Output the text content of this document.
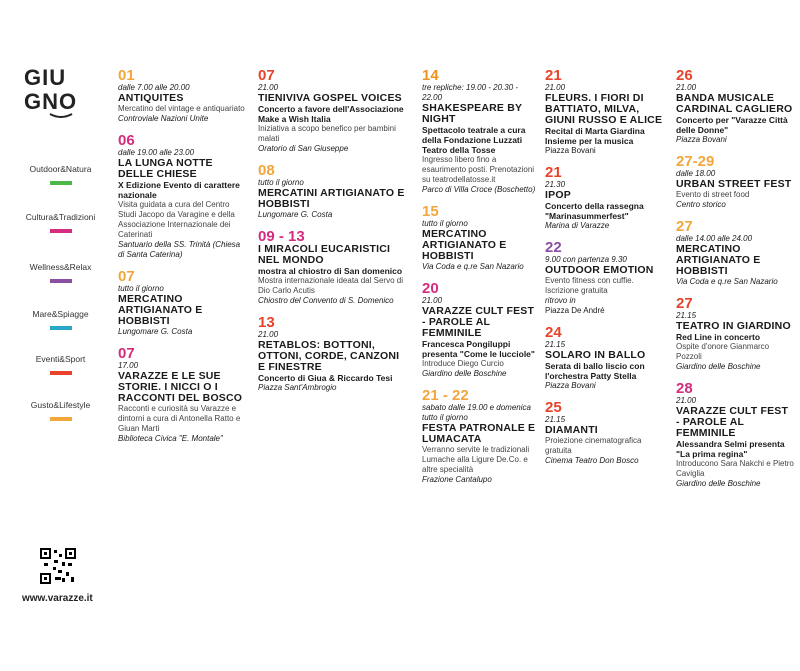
GIU
GNO
Outdoor&Natura
Cultura&Tradizioni
Wellness&Relax
Mare&Spiagge
Eventi&Sport
Gusto&Lifestyle
www.varazze.it
01
dalle 7.00 alle 20.00
ANTIQUITES
Mercatino del vintage e antiquariato
Controviale Nazioni Unite
06
dalle 19.00 alle 23.00
LA LUNGA NOTTE DELLE CHIESE
X Edizione Evento di carattere nazionale
Visita guidata a cura del Centro Studi Jacopo da Varagine e della Associazione Internazionale dei Caterinati
Santuario della SS. Trinità (Chiesa di Santa Caterina)
07
tutto il giorno
MERCATINO ARTIGIANATO E HOBBISTI
Lungomare G. Costa
07
17.00
VARAZZE E LE SUE STORIE. I NICCI O I RACCONTI DEL BOSCO
Racconti e curiosità su Varazze e dintorni a cura di Antonella Ratto e Giuan Marti
Biblioteca Civica "E. Montale"
07
21.00
TIENIVIVA GOSPEL VOICES
Concerto a favore dell'Associazione Make a Wish Italia
Iniziativa a scopo benefico per bambini malati
Oratorio di San Giuseppe
08
tutto il giorno
MERCATINI ARTIGIANATO E HOBBISTI
Lungomare G. Costa
09 - 13
I MIRACOLI EUCARISTICI NEL MONDO
mostra al chiostro di San domenico
Mostra internazionale ideata dal Servo di Dio Carlo Acutis
Chiostro del Convento di S. Domenico
13
21.00
RETABLOS: BOTTONI, OTTONI, CORDE, CANZONI E FINESTRE
Concerto di Giua & Riccardo Tesi
Piazza Sant'Ambrogio
14
tre repliche: 19.00 - 20.30 - 22.00
SHAKESPEARE BY NIGHT
Spettacolo teatrale a cura della Fondazione Luzzati Teatro della Tosse
Ingresso libero fino a esaurimento posti. Prenotazioni su teatrodellatosse.it
Parco di Villa Croce (Boschetto)
15
tutto il giorno
MERCATINO ARTIGIANATO E HOBBISTI
Via Coda e q.re San Nazario
20
21.00
VARAZZE CULT FEST - PAROLE AL FEMMINILE
Francesca Pongiluppi presenta "Come le lucciole"
Introduce Diego Curcio
Giardino delle Boschine
21 - 22
sabato dalle 19.00 e domenica tutto il giorno
FESTA PATRONALE E LUMACATA
Verranno servite le tradizionali Lumache alla Ligure De.Co. e altre specialità
Frazione Cantalupo
21
21.00
FLEURS. I FIORI DI BATTIATO, MILVA, GIUNI RUSSO E ALICE
Recital di Marta Giardina Insieme per la musica
Piazza Bovani
21
21.30
IPOP
Concerto della rassegna "Marinasummerfest"
Marina di Varazze
22
9.00 con partenza 9.30
OUTDOOR EMOTION
Evento fitness con cuffie. Iscrizione gratuita
ritrovo in
Piazza De André
24
21.15
SOLARO IN BALLO
Serata di ballo liscio con l'orchestra Patty Stella
Piazza Bovani
25
21.15
DIAMANTI
Proiezione cinematografica gratuita
Cinema Teatro Don Bosco
26
21.00
BANDA MUSICALE CARDINAL CAGLIERO
Concerto per "Varazze Città delle Donne"
Piazza Bovani
27-29
dalle 18.00
URBAN STREET FEST
Evento di street food
Centro storico
27
dalle 14.00 alle 24.00
MERCATINO ARTIGIANATO E HOBBISTI
Via Coda e q.re San Nazario
27
21.15
TEATRO IN GIARDINO
Red Line in concerto
Ospite d'onore Gianmarco Pozzoli
Giardino delle Boschine
28
21.00
VARAZZE CULT FEST - PAROLE AL FEMMINILE
Alessandra Selmi presenta "La prima regina"
Introducono Sara Nakchi e Pietro Caviglia
Giardino delle Boschine
